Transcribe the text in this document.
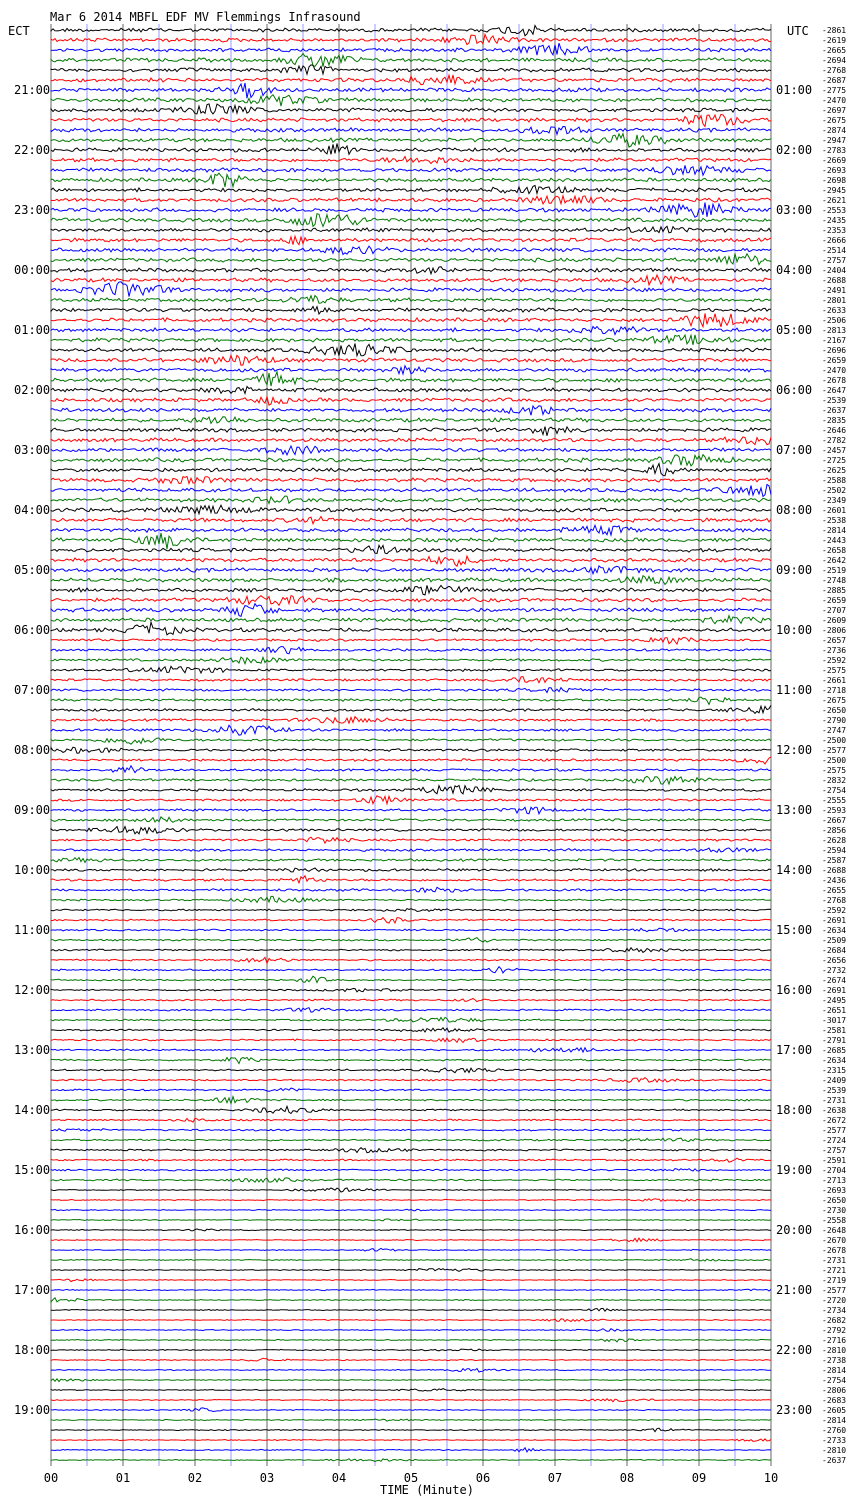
Mar 6 2014 MBFL EDF MV Flemmings Infrasound
ECT	UTC
00	01	02	03	04	05	06	07	08	09	10
21:00
22:00
23:00
00:00
01:00
02:00
03:00
04:00
05:00
06:00
07:00
08:00
09:00
10:00
11:00
12:00
13:00
14:00
15:00
16:00
17:00
18:00
19:00
01:00
02:00
03:00
04:00
05:00
06:00
07:00
08:00
09:00
10:00
11:00
12:00
13:00
14:00
15:00
16:00
17:00
18:00
19:00
20:00
21:00
22:00
23:00
-2861
-2619
-2665
-2694
-2768
-2687
-2775
-2470
-2697
-2675
-2874
-2947
-2783
-2669
-2693
-2698
-2945
-2621
-2553
-2435
-2353
-2666
-2514
-2757
-2404
-2688
-2491
-2801
-2633
-2506
-2813
-2167
-2696
-2659
-2470
-2678
-2647
-2539
-2637
-2835
-2646
-2782
-2457
-2725
-2625
-2588
-2502
-2349
-2601
-2538
-2814
-2443
-2658
-2642
-2519
-2748
-2885
-2659
-2707
-2609
-2806
-2657
-2736
-2592
-2575
-2661
-2718
-2675
-2650
-2790
-2747
-2500
-2577
-2500
-2575
-2832
-2754
-2555
-2593
-2667
-2856
-2628
-2594
-2587
-2688
-2436
-2655
-2768
-2592
-2691
-2634
-2509
-2684
-2656
-2732
-2674
-2691
-2495
-2651
-3017
-2581
-2791
-2685
-2634
-2315
-2409
-2539
-2731
-2638
-2672
-2577
-2724
-2757
-2591
-2704
-2713
-2693
-2650
-2730
-2558
-2648
-2670
-2678
-2731
-2721
-2719
-2577
-2720
-2734
-2682
-2792
-2716
-2810
-2738
-2814
-2754
-2806
-2683
-2605
-2814
-2760
-2733
-2810
-2637
TIME (Minute)
